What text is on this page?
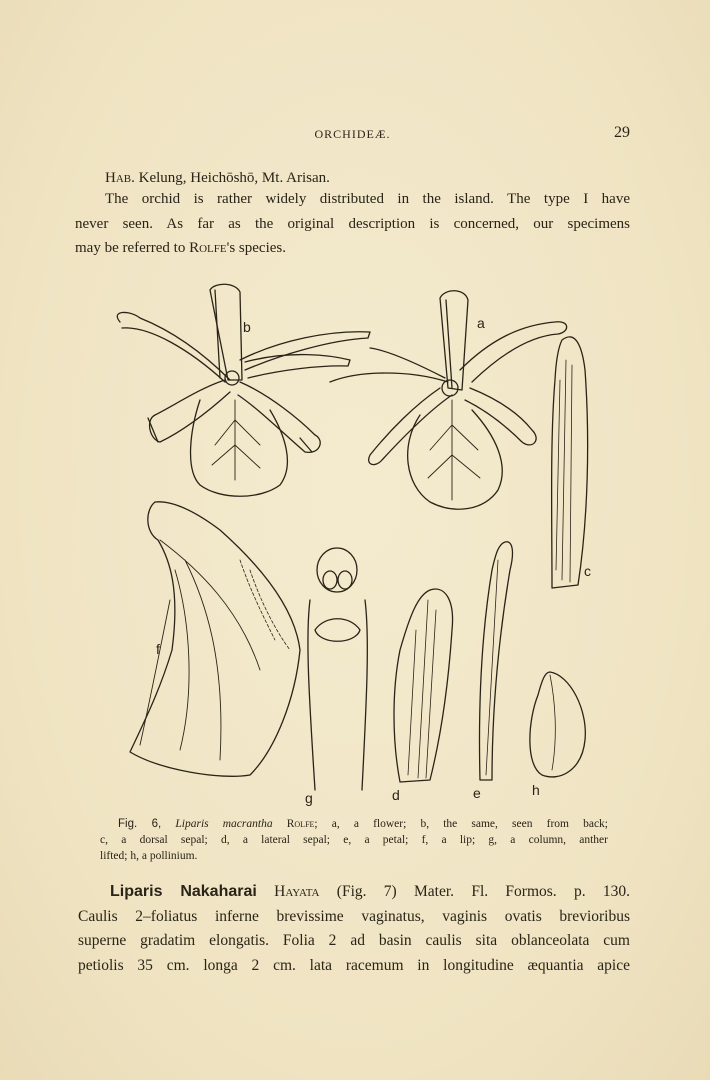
ORCHIDEÆ.	29
Hab. Kelung, Heichōshō, Mt. Arisan.
The orchid is rather widely distributed in the island. The type I have
never seen. As far as the original description is concerned, our specimens
may be referred to Rolfe's species.
b	a
c
f
g	d	e	h
Fig. 6, Liparis macrantha Rolfe; a, a flower; b, the same, seen from back;
c, a dorsal sepal; d, a lateral sepal; e, a petal; f, a lip; g, a column, anther
lifted; h, a pollinium.
Liparis Nakaharai Hayata (Fig. 7) Mater. Fl. Formos. p. 130.
Caulis 2–foliatus inferne brevissime vaginatus, vaginis ovatis brevioribus
superne gradatim elongatis. Folia 2 ad basin caulis sita oblanceolata cum
petiolis 35 cm. longa 2 cm. lata racemum in longitudine æquantia apice
